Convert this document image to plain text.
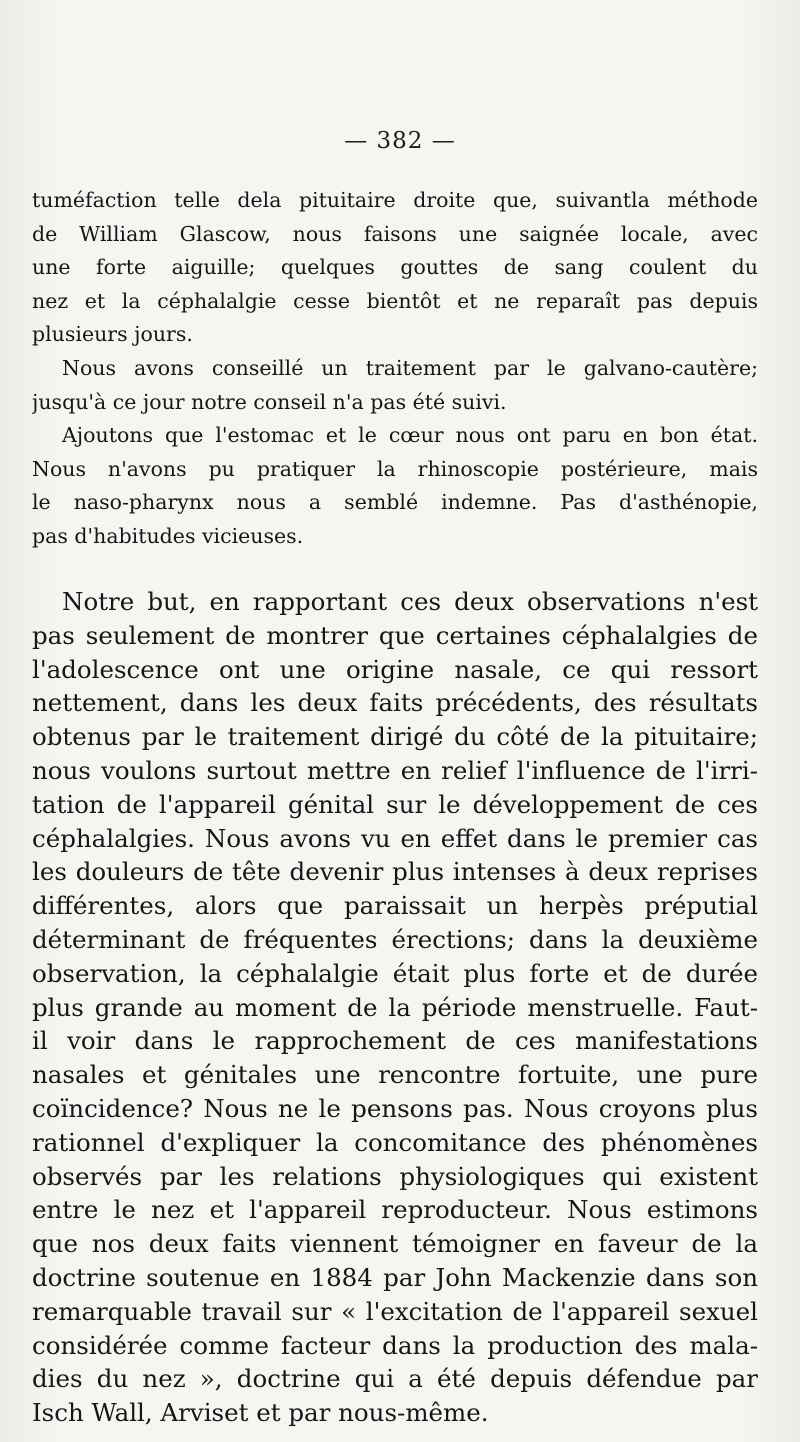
— 382 —
tuméfaction telle dela pituitaire droite que, suivantla méthode
de William Glascow, nous faisons une saignée locale, avec
une forte aiguille; quelques gouttes de sang coulent du
nez et la céphalalgie cesse bientôt et ne reparaît pas depuis
plusieurs jours.
Nous avons conseillé un traitement par le galvano-cautère;
jusqu'à ce jour notre conseil n'a pas été suivi.
Ajoutons que l'estomac et le cœur nous ont paru en bon état.
Nous n'avons pu pratiquer la rhinoscopie postérieure, mais
le naso-pharynx nous a semblé indemne. Pas d'asthénopie,
pas d'habitudes vicieuses.
Notre but, en rapportant ces deux observations n'est
pas seulement de montrer que certaines céphalalgies de
l'adolescence ont une origine nasale, ce qui ressort
nettement, dans les deux faits précédents, des résultats
obtenus par le traitement dirigé du côté de la pituitaire;
nous voulons surtout mettre en relief l'influence de l'irri-
tation de l'appareil génital sur le développement de ces
céphalalgies. Nous avons vu en effet dans le premier cas
les douleurs de tête devenir plus intenses à deux reprises
différentes, alors que paraissait un herpès préputial
déterminant de fréquentes érections; dans la deuxième
observation, la céphalalgie était plus forte et de durée
plus grande au moment de la période menstruelle. Faut-
il voir dans le rapprochement de ces manifestations
nasales et génitales une rencontre fortuite, une pure
coïncidence? Nous ne le pensons pas. Nous croyons plus
rationnel d'expliquer la concomitance des phénomènes
observés par les relations physiologiques qui existent
entre le nez et l'appareil reproducteur. Nous estimons
que nos deux faits viennent témoigner en faveur de la
doctrine soutenue en 1884 par John Mackenzie dans son
remarquable travail sur « l'excitation de l'appareil sexuel
considérée comme facteur dans la production des mala-
dies du nez », doctrine qui a été depuis défendue par
Isch Wall, Arviset et par nous-même.
